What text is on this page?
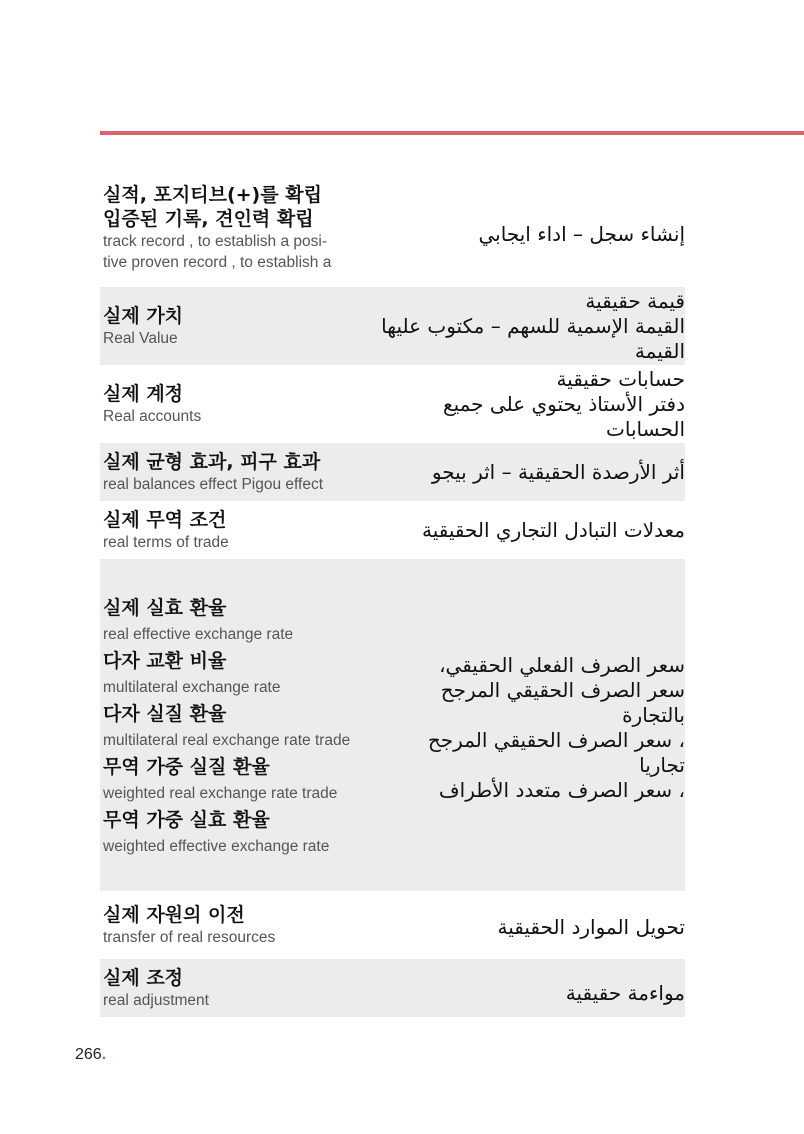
실적, 포지티브(+)를 확립
입증된 기록, 견인력 확립
track record , to establish a posi-
tive proven record , to establish a
إنشاء سجل – اداء ايجابي
실제 가치
Real Value
قيمة حقيقية
القيمة الإسمية للسهم – مكتوب عليها
القيمة
실제 계정
Real accounts
حسابات حقيقية
دفتر الأستاذ يحتوي على جميع
الحسابات
실제 균형 효과, 피구 효과
real balances effect Pigou effect
أثر الأرصدة الحقيقية – اثر بيجو
실제 무역 조건
real terms of trade
معدلات التبادل التجاري الحقيقية
실제 실효 환율
real effective exchange rate
다자 교환 비율
multilateral exchange rate
다자 실질 환율
multilateral real exchange rate trade
무역 가중 실질 환율
weighted real exchange rate trade
무역 가중 실효 환율
weighted effective exchange rate
سعر الصرف الفعلي الحقيقي،
سعر الصرف الحقيقي المرجح
بالتجارة
، سعر الصرف الحقيقي المرجح
تجاريا
، سعر الصرف متعدد الأطراف
실제 자원의 이전
transfer of real resources	تحويل الموارد الحقيقية
실제 조정
real adjustment	مواءمة حقيقية
266.
